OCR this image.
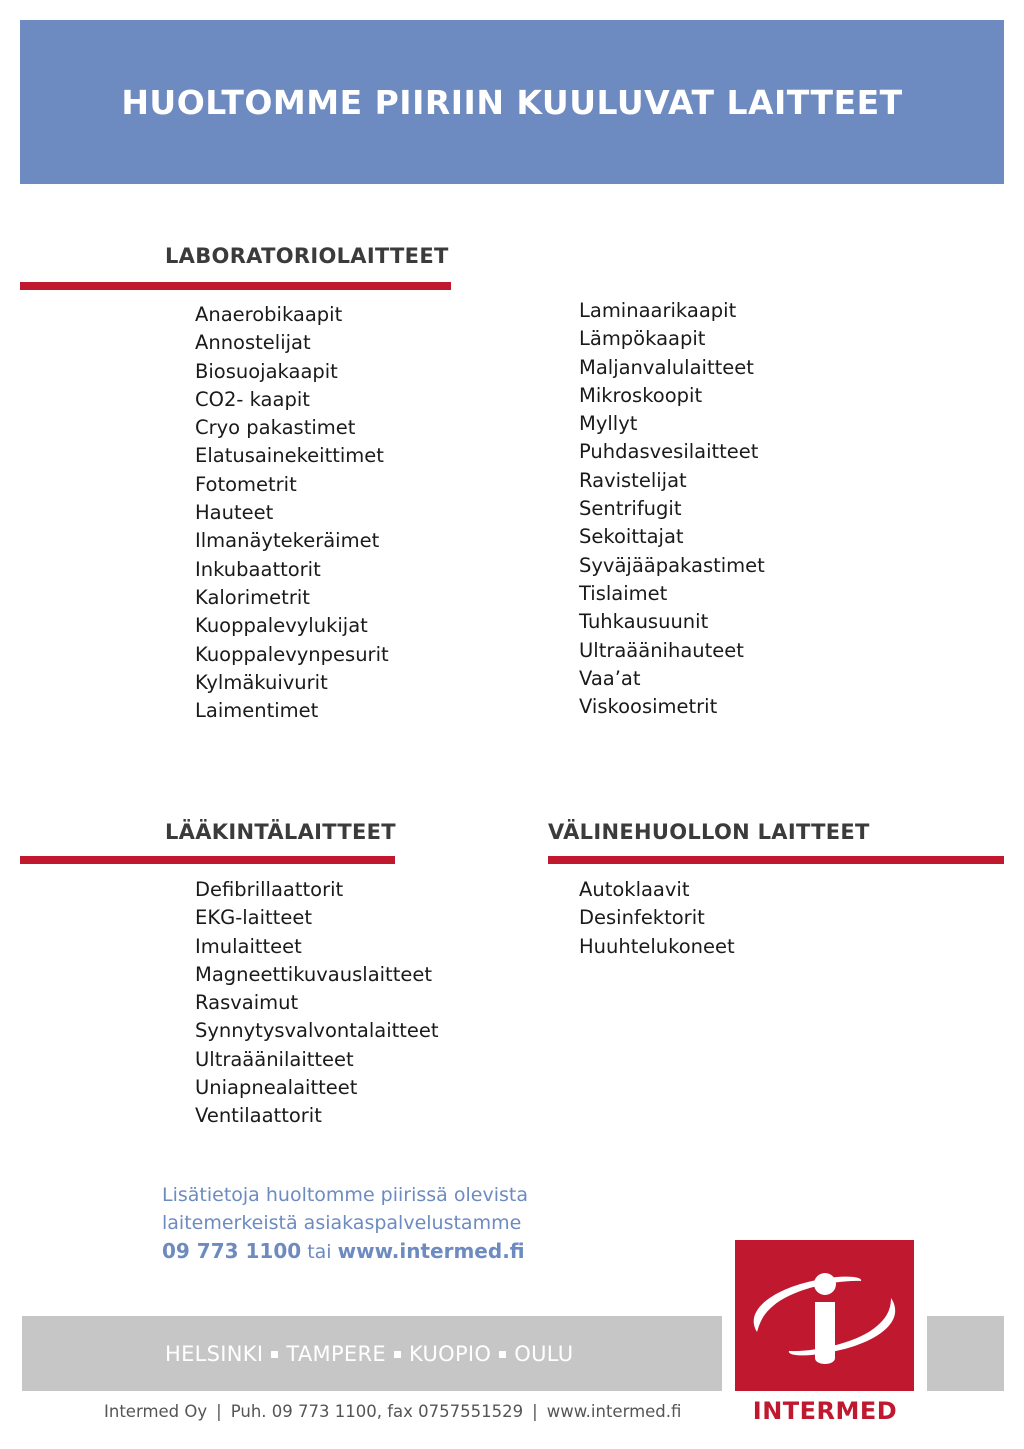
HUOLTOMME PIIRIIN KUULUVAT LAITTEET
LABORATORIOLAITTEET
Anaerobikaapit
Annostelijat
Biosuojakaapit
CO2- kaapit
Cryo pakastimet
Elatusainekeittimet
Fotometrit
Hauteet
Ilmanäytekeräimet
Inkubaattorit
Kalorimetrit
Kuoppalevylukijat
Kuoppalevynpesurit
Kylmäkuivurit
Laimentimet
Laminaarikaapit
Lämpökaapit
Maljanvalulaitteet
Mikroskoopit
Myllyt
Puhdasvesilaitteet
Ravistelijat
Sentrifugit
Sekoittajat
Syväjääpakastimet
Tislaimet
Tuhkausuunit
Ultraäänihauteet
Vaa’at
Viskoosimetrit
LÄÄKINTÄLAITTEET
Defibrillaattorit
EKG-laitteet
Imulaitteet
Magneettikuvauslaitteet
Rasvaimut
Synnytysvalvontalaitteet
Ultraäänilaitteet
Uniapnealaitteet
Ventilaattorit
VÄLINEHUOLLON LAITTEET
Autoklaavit
Desinfektorit
Huuhtelukoneet
Lisätietoja huoltomme piirissä olevista
laitemerkeistä asiakaspalvelustamme
09 773 1100 tai www.intermed.fi
HELSINKI TAMPERE KUOPIO OULU
INTERMED
Intermed Oy | Puh. 09 773 1100, fax 0757551529 | www.intermed.fi
